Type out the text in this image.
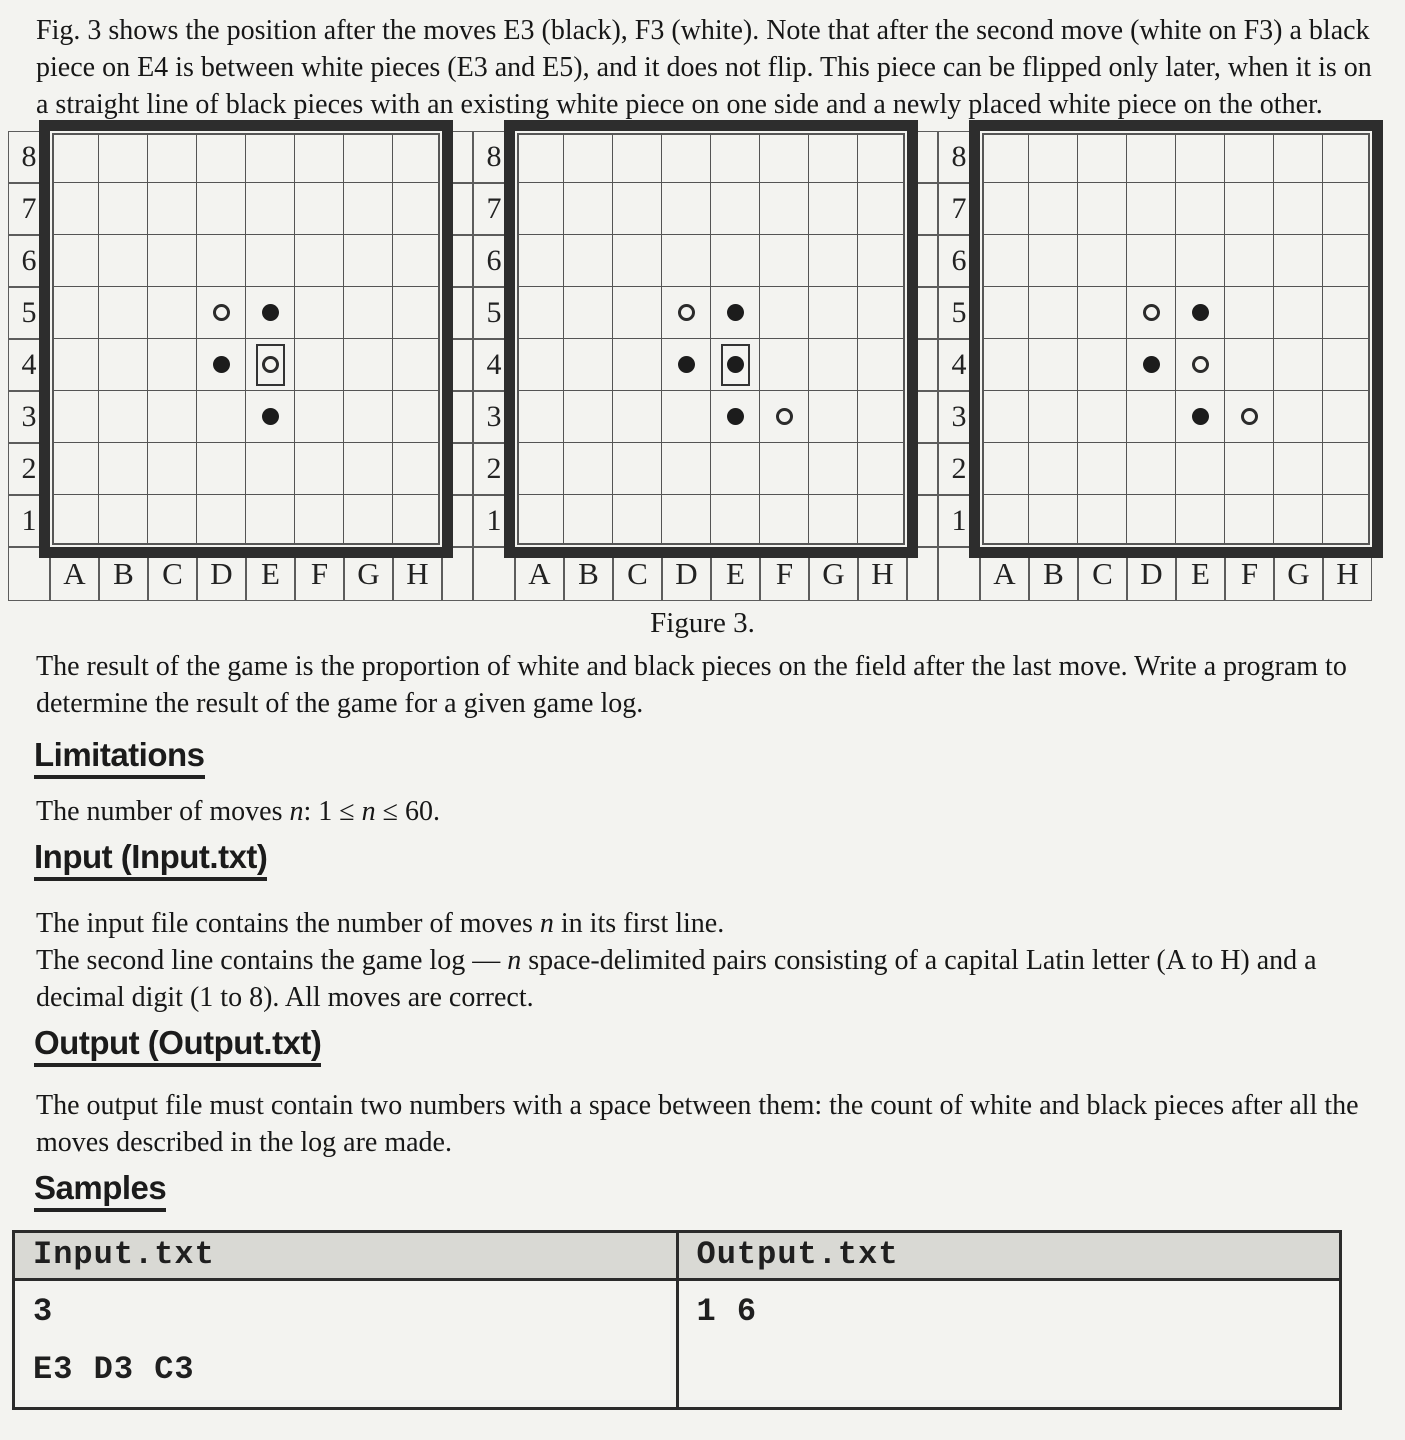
Fig. 3 shows the position after the moves E3 (black), F3 (white). Note that after the second move (white on F3) a black piece on E4 is between white pieces (E3 and E5), and it does not flip. This piece can be flipped only later, when it is on a straight line of black pieces with an existing white piece on one side and a newly placed white piece on the other.
8
7
6
5
4
3
2
1
A B C D E F G H
8
7
6
5
4
3
2
1
A B C D E F G H
8
7
6
5
4
3
2
1
A B C D E F G H
Figure 3.
The result of the game is the proportion of white and black pieces on the field after the last move. Write a program to determine the result of the game for a given game log.
Limitations
The number of moves n: 1 ≤ n ≤ 60.
Input (Input.txt)
The input file contains the number of moves n in its first line.
The second line contains the game log — n space-delimited pairs consisting of a capital Latin letter (A to H) and a decimal digit (1 to 8). All moves are correct.
Output (Output.txt)
The output file must contain two numbers with a space between them: the count of white and black pieces after all the moves described in the log are made.
Samples
Input.txt	Output.txt

3
E3 D3 C3	1 6
